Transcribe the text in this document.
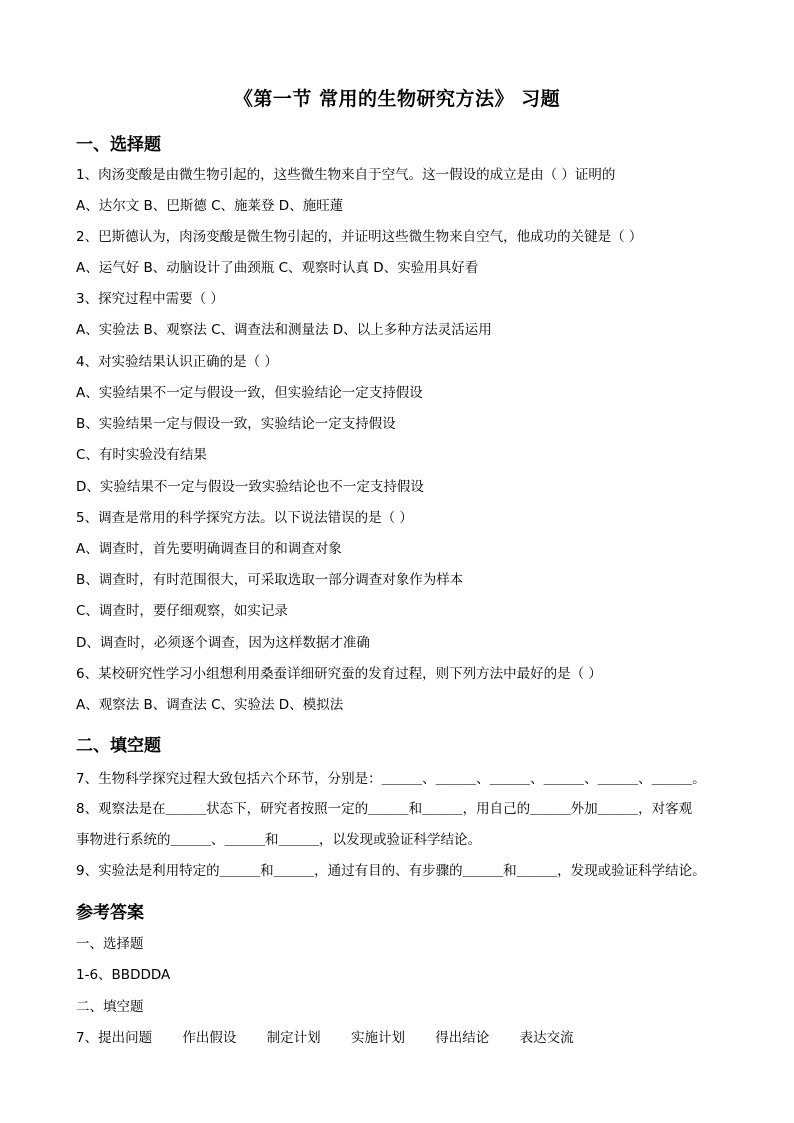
《第一节 常用的生物研究方法》 习题
一、选择题
1、肉汤变酸是由微生物引起的，这些微生物来自于空气。这一假设的成立是由（ ）证明的
A、达尔文 B、巴斯德 C、施莱登 D、施旺蓮
2、巴斯德认为，肉汤变酸是微生物引起的，并证明这些微生物来自空气，他成功的关键是（ ）
A、运气好 B、动脑设计了曲颈瓶 C、观察时认真 D、实验用具好看
3、探究过程中需要（ ）
A、实验法 B、观察法 C、调查法和测量法 D、以上多种方法灵活运用
4、对实验结果认识正确的是（ ）
A、实验结果不一定与假设一致，但实验结论一定支持假设
B、实验结果一定与假设一致，实验结论一定支持假设
C、有时实验没有结果
D、实验结果不一定与假设一致实验结论也不一定支持假设
5、调查是常用的科学探究方法。以下说法错误的是（ ）
A、调查时，首先要明确调查目的和调查对象
B、调查时，有时范围很大，可采取选取一部分调查对象作为样本
C、调查时，要仔细观察，如实记录
D、调查时，必须逐个调查，因为这样数据才准确
6、某校研究性学习小组想利用桑蚕详细研究蚕的发育过程，则下列方法中最好的是（ ）
A、观察法 B、调查法 C、实验法 D、模拟法
二、填空题
7、生物科学探究过程大致包括六个环节，分别是：＿＿＿、＿＿＿、＿＿＿、＿＿＿、＿＿＿、＿＿＿。
8、观察法是在＿＿＿状态下，研究者按照一定的＿＿＿和＿＿＿，用自己的＿＿＿外加＿＿＿，对客观
事物进行系统的＿＿＿、＿＿＿和＿＿＿，以发现或验证科学结论。
9、实验法是利用特定的＿＿＿和＿＿＿，通过有目的、有步骤的＿＿＿和＿＿＿，发现或验证科学结论。
参考答案
一、选择题
1-6、BBDDDA
二、填空题
7、提出问题 作出假设 制定计划 实施计划 得出结论 表达交流
